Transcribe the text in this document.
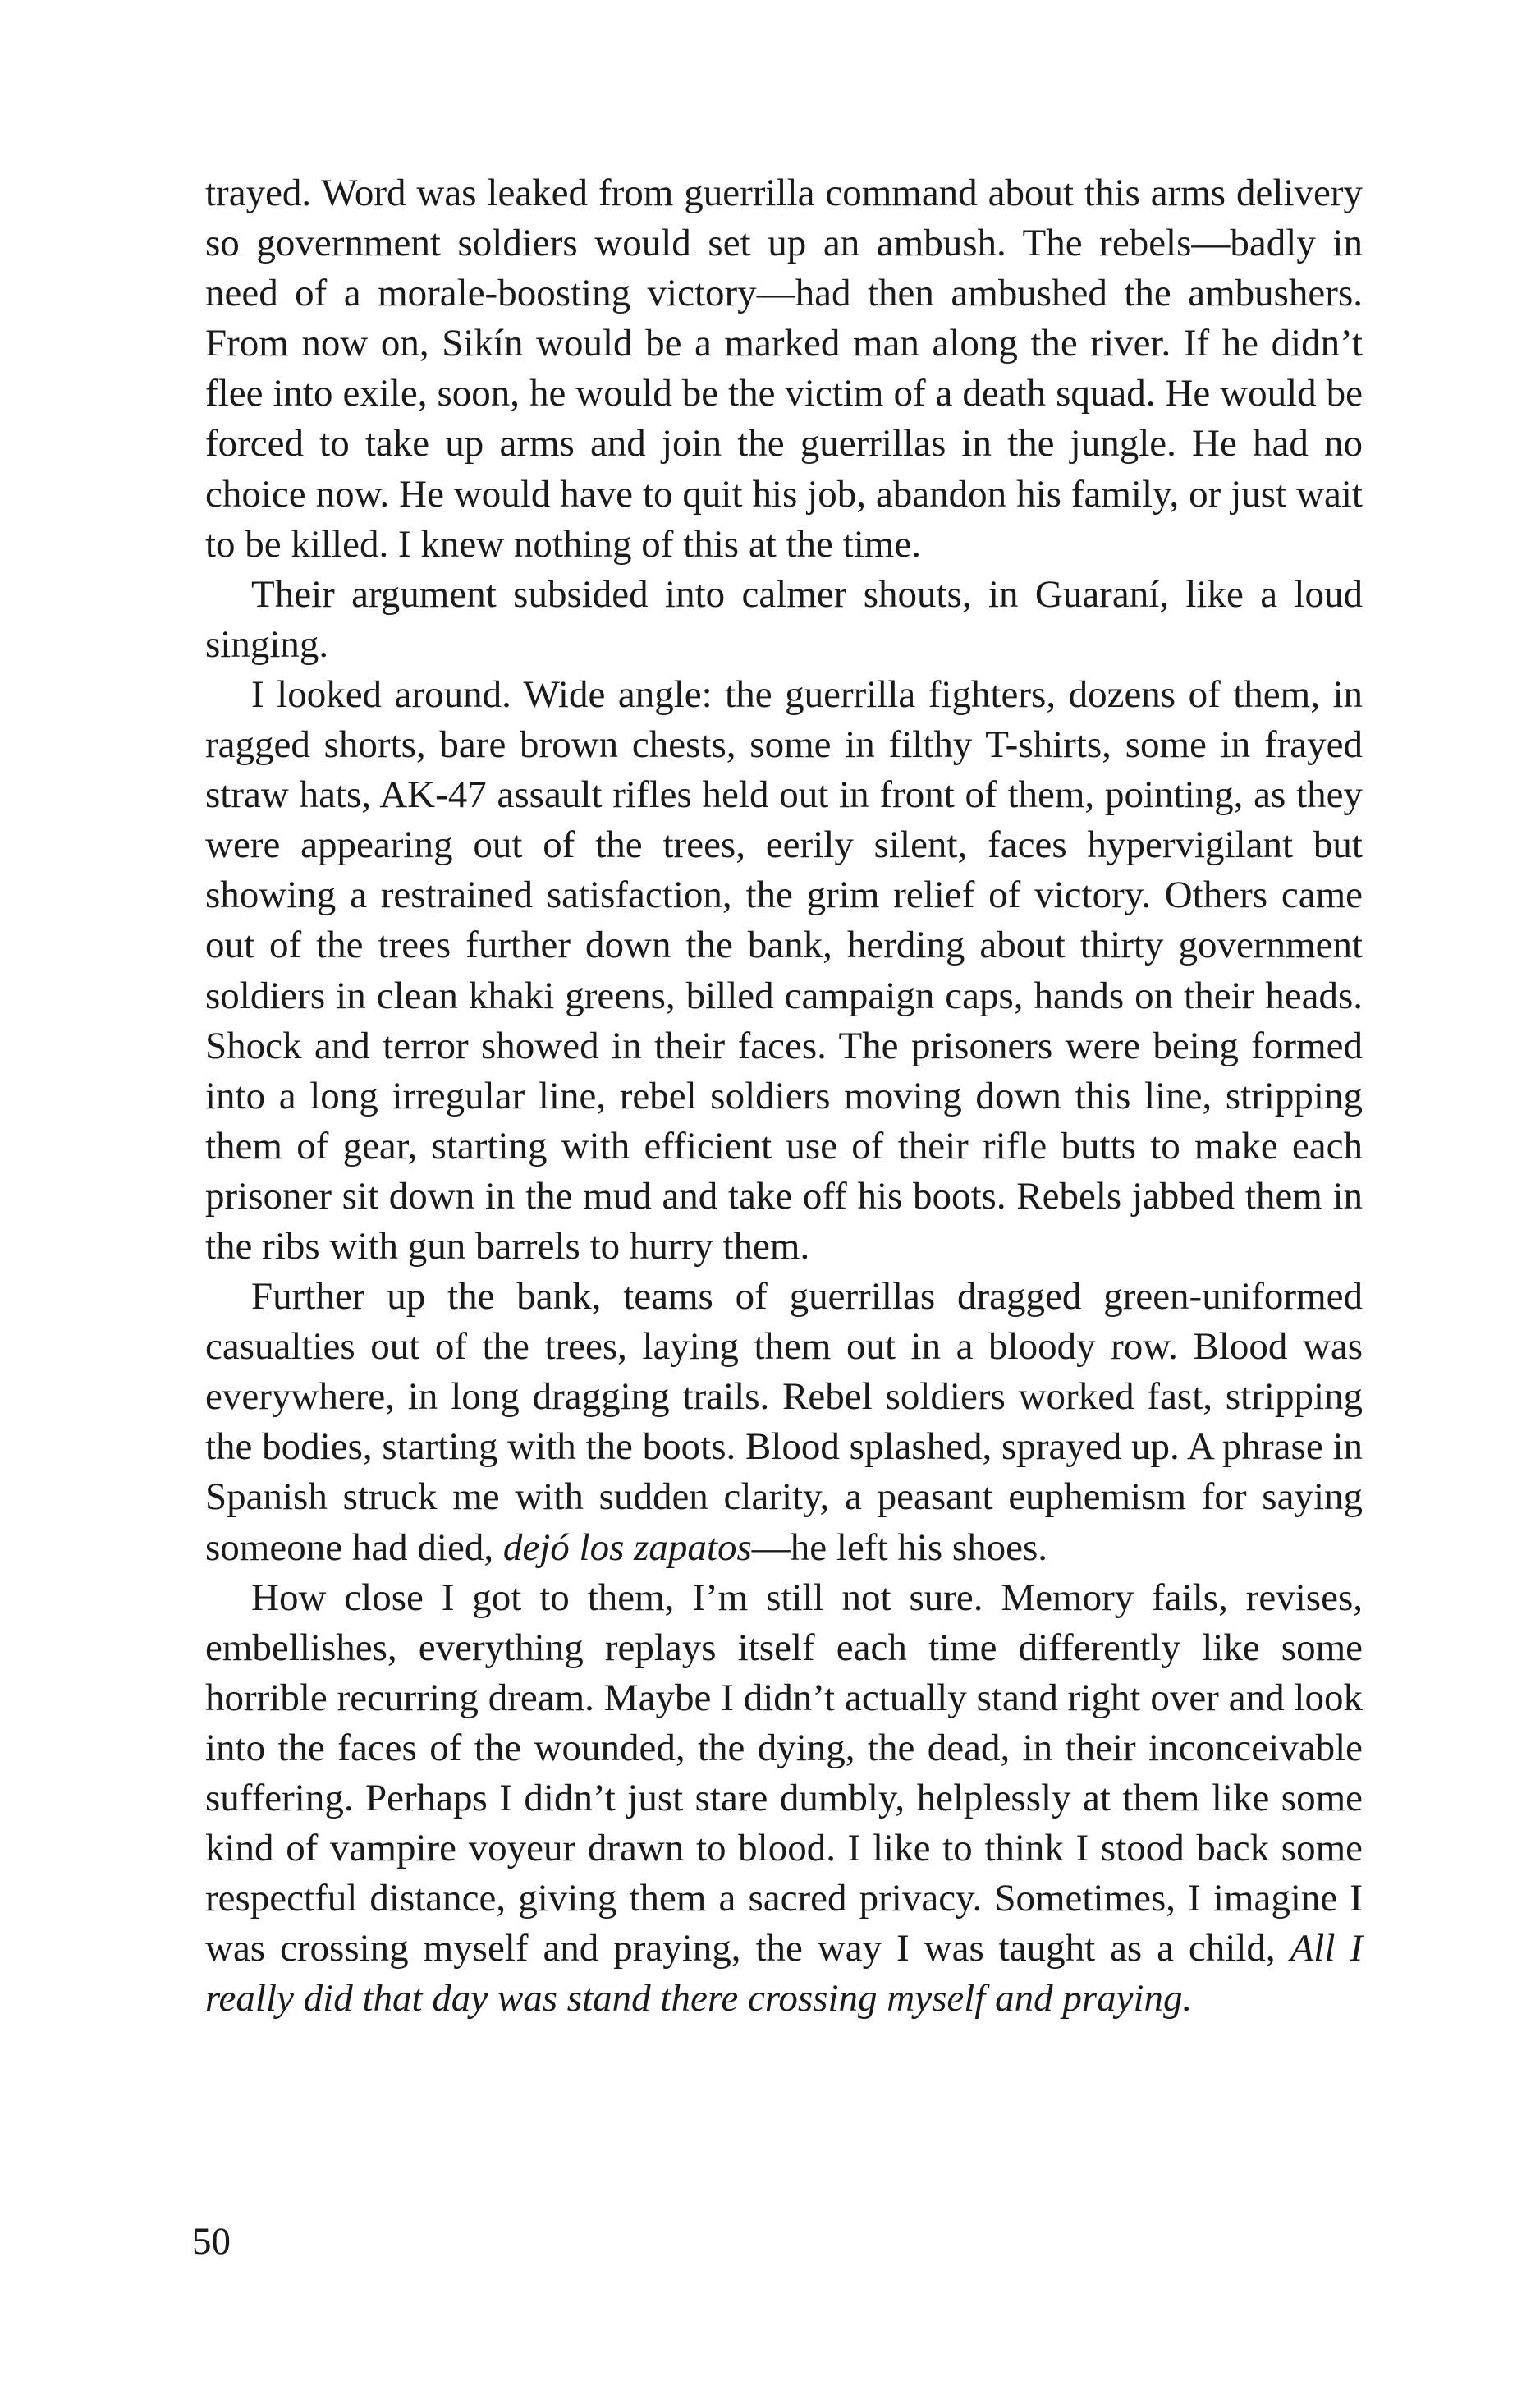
trayed. Word was leaked from guerrilla command about this arms delivery so government soldiers would set up an ambush. The rebels—badly in need of a morale-boosting victory—had then ambushed the ambushers. From now on, Sikín would be a marked man along the river. If he didn’t flee into exile, soon, he would be the victim of a death squad. He would be forced to take up arms and join the guerrillas in the jungle. He had no choice now. He would have to quit his job, abandon his family, or just wait to be killed. I knew nothing of this at the time.

Their argument subsided into calmer shouts, in Guaraní, like a loud singing.

I looked around. Wide angle: the guerrilla fighters, dozens of them, in ragged shorts, bare brown chests, some in filthy T-shirts, some in frayed straw hats, AK-47 assault rifles held out in front of them, pointing, as they were appearing out of the trees, eerily silent, faces hypervigilant but showing a restrained satisfaction, the grim relief of victory. Others came out of the trees further down the bank, herding about thirty government soldiers in clean khaki greens, billed campaign caps, hands on their heads. Shock and terror showed in their faces. The prisoners were being formed into a long irregular line, rebel soldiers moving down this line, stripping them of gear, starting with efficient use of their rifle butts to make each prisoner sit down in the mud and take off his boots. Rebels jabbed them in the ribs with gun barrels to hurry them.

Further up the bank, teams of guerrillas dragged green-uniformed casualties out of the trees, laying them out in a bloody row. Blood was everywhere, in long dragging trails. Rebel soldiers worked fast, stripping the bodies, starting with the boots. Blood splashed, sprayed up. A phrase in Spanish struck me with sudden clarity, a peasant euphemism for saying someone had died, dejó los zapatos—he left his shoes.

How close I got to them, I’m still not sure. Memory fails, revises, embellishes, everything replays itself each time differently like some horrible recurring dream. Maybe I didn’t actually stand right over and look into the faces of the wounded, the dying, the dead, in their inconceivable suffering. Perhaps I didn’t just stare dumbly, helplessly at them like some kind of vampire voyeur drawn to blood. I like to think I stood back some respectful distance, giving them a sacred privacy. Sometimes, I imagine I was crossing myself and praying, the way I was taught as a child, All I really did that day was stand there crossing myself and praying.

50
